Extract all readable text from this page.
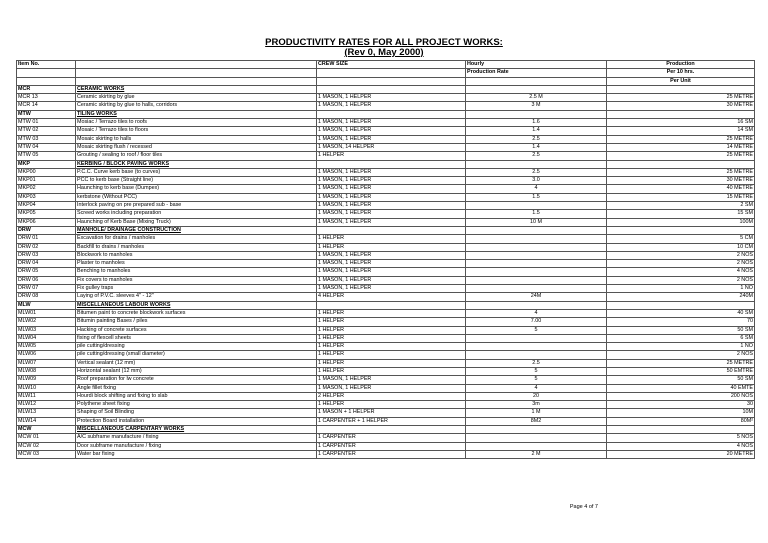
PRODUCTIVITY RATES FOR ALL PROJECT WORKS:
(Rev 0, May 2000)
Item No.		CREW SIZE	Hourly	Production
			Production Rate	Per 10 hrs.
				Per Unit
MCR	CERAMIC WORKS			
MCR 13	Ceramic skirting by glue	1 MASON, 1 HELPER	2.5 M	25 METRE
MCR 14	Ceramic skirting by glue to halls, corridors	1 MASON, 1 HELPER	3 M	30 METRE
MTW	TILING WORKS			
MTW 01	Mosiac / Terrazo tiles to roofs	1 MASON, 1 HELPER	1.6	16 SM
MTW 02	Mosaic / Terrazo tiles to floors	1 MASON, 1 HELPER	1.4	14 SM
MTW 03	Mosaic skirting to halls	1 MASON, 1 HELPER	2.5	25 METRE
MTW 04	Mosaic skirting flush / recessed	1 MASON, 14 HELPER	1.4	14 METRE
MTW 05	Grouting / sealing to roof / floor tiles	1 HELPER	2.5	25 METRE
MKP	KERBING / BLOCK PAVING WORKS			
MKP00	P.C.C. Curve kerb base (to curves)	1 MASON, 1 HELPER	2.5	25 METRE
MKP01	PCC to kerb base (Straight line)	1 MASON, 1 HELPER	3.0	30 METRE
MKP02	Haunching to kerb base (Dumpex)	1 MASON, 1 HELPER	4	40 METRE
MKP03	kerbstone (Without PCC)	1 MASON, 1 HELPER	1.5	15 METRE
MKP04	Interlock paving on pre prepared sub - base	1 MASON, 1 HELPER		2 SM
MKP05	Screed works including preparation	1 MASON, 1 HELPER	1.5	15 SM
MKP06	Haunching of Kerb Base (Mixing Truck)	1 MASON, 1 HELPER	10 M	100M
DRW	MANHOLE/ DRAINAGE CONSTRUCTION			
DRW 01	Excavation for drains / manholes	1 HELPER		5 CM
DRW 02	Backfill to drains / manholes	1 HELPER		10 CM
DRW 03	Blockwork to manholes	1 MASON, 1 HELPER		2 NOS
DRW 04	Plaster to manholes	1 MASON, 1 HELPER		2 NOS
DRW 05	Benching to manholes	1 MASON, 1 HELPER		4 NOS
DRW 06	Fix covers to manholes	1 MASON, 1 HELPER		2 NOS
DRW 07	Fix gulley traps	1 MASON, 1 HELPER		1 NO
DRW 08	Laying of P.V.C. sleeves 4" - 12"	4 HELPER	24M	240M
MLW	MISCELLANEOUS LABOUR WORKS			
MLW01	Bitumen paint to concrete blockwork surfaces	1 HELPER	4	40 SM
MLW02	Bitumin painting Bases / piles	1 HELPER	7.00	70
MLW03	Hacking of concrete surfaces	1 HELPER	5	50 SM
MLW04	fixing of flexcell sheets	1 HELPER		6 SM
MLW05	pile cutting/dressing	1 HELPER		1 NO
MLW06	pile cutting/dressing (small diameter)	1 HELPER		2 NOS
MLW07	Vertical sealant (12 mm)	1 HELPER	2.5	25 METRE
MLW08	Horizontal sealant (12 mm)	1 HELPER	5	50 EMTRE
MLW09	Roof preparation for lw concrete	1 MASON, 1 HELPER	5	50 SM
MLW10	Angle fillet fixing	1 MASON, 1 HELPER	4	40 EMTE
MLW11	Hourdi block shifting and fixing to slab	2 HELPER	20	200 NOS
MLW12	Polythene sheet fixing	1 HELPER	3m	30
MLW13	Shaping of Soil Blinding	1 MASON + 1 HELPER	1 M	10M
MLW14	Protection Board installation	1 CARPENTER + 1 HELPER	8M2	80M²
MCW	MISCELLANEOUS CARPENTARY WORKS			
MCW 01	A/C subframe manufacture / fixing	1 CARPENTER		5 NOS
MCW 02	Door subframe manufacture / fixing	1 CARPENTER		4 NOS
MCW 03	Water bar fixing	1 CARPENTER	2 M	20 METRE
Page 4 of 7
